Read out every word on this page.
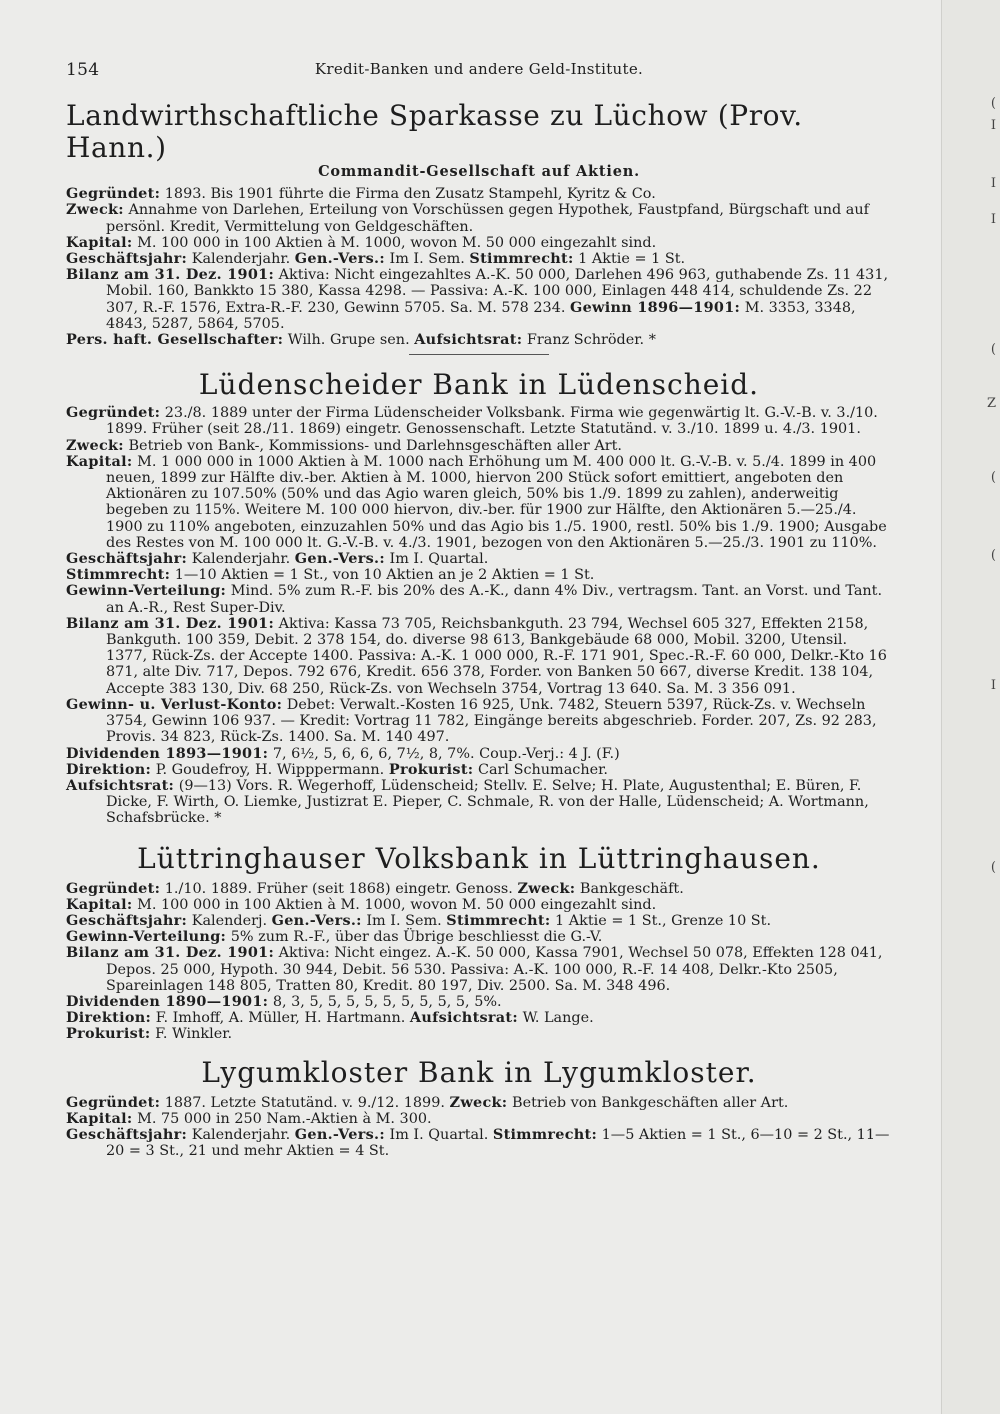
(
I
I
I
(
Z
(
(
I
(
154	Kredit-Banken und andere Geld-Institute.
Landwirthschaftliche Sparkasse zu Lüchow (Prov. Hann.)
Commandit-Gesellschaft auf Aktien.

Gegründet: 1893. Bis 1901 führte die Firma den Zusatz Stampehl, Kyritz & Co.

Zweck: Annahme von Darlehen, Erteilung von Vorschüssen gegen Hypothek, Faustpfand, Bürgschaft und auf persönl. Kredit, Vermittelung von Geldgeschäften.

Kapital: M. 100 000 in 100 Aktien à M. 1000, wovon M. 50 000 eingezahlt sind.

Geschäftsjahr: Kalenderjahr. Gen.-Vers.: Im I. Sem. Stimmrecht: 1 Aktie = 1 St.

Bilanz am 31. Dez. 1901: Aktiva: Nicht eingezahltes A.-K. 50 000, Darlehen 496 963, guthabende Zs. 11 431, Mobil. 160, Bankkto 15 380, Kassa 4298. — Passiva: A.-K. 100 000, Einlagen 448 414, schuldende Zs. 22 307, R.-F. 1576, Extra-R.-F. 230, Gewinn 5705. Sa. M. 578 234. Gewinn 1896—1901: M. 3353, 3348, 4843, 5287, 5864, 5705.

Pers. haft. Gesellschafter: Wilh. Grupe sen. Aufsichtsrat: Franz Schröder. *

Lüdenscheider Bank in Lüdenscheid.

Gegründet: 23./8. 1889 unter der Firma Lüdenscheider Volksbank. Firma wie gegenwärtig lt. G.-V.-B. v. 3./10. 1899. Früher (seit 28./11. 1869) eingetr. Genossenschaft. Letzte Statutänd. v. 3./10. 1899 u. 4./3. 1901.

Zweck: Betrieb von Bank-, Kommissions- und Darlehnsgeschäften aller Art.

Kapital: M. 1 000 000 in 1000 Aktien à M. 1000 nach Erhöhung um M. 400 000 lt. G.-V.-B. v. 5./4. 1899 in 400 neuen, 1899 zur Hälfte div.-ber. Aktien à M. 1000, hiervon 200 Stück sofort emittiert, angeboten den Aktionären zu 107.50% (50% und das Agio waren gleich, 50% bis 1./9. 1899 zu zahlen), anderweitig begeben zu 115%. Weitere M. 100 000 hiervon, div.-ber. für 1900 zur Hälfte, den Aktionären 5.—25./4. 1900 zu 110% angeboten, einzuzahlen 50% und das Agio bis 1./5. 1900, restl. 50% bis 1./9. 1900; Ausgabe des Restes von M. 100 000 lt. G.-V.-B. v. 4./3. 1901, bezogen von den Aktionären 5.—25./3. 1901 zu 110%.

Geschäftsjahr: Kalenderjahr. Gen.-Vers.: Im I. Quartal.

Stimmrecht: 1—10 Aktien = 1 St., von 10 Aktien an je 2 Aktien = 1 St.

Gewinn-Verteilung: Mind. 5% zum R.-F. bis 20% des A.-K., dann 4% Div., vertragsm. Tant. an Vorst. und Tant. an A.-R., Rest Super-Div.

Bilanz am 31. Dez. 1901: Aktiva: Kassa 73 705, Reichsbankguth. 23 794, Wechsel 605 327, Effekten 2158, Bankguth. 100 359, Debit. 2 378 154, do. diverse 98 613, Bankgebäude 68 000, Mobil. 3200, Utensil. 1377, Rück-Zs. der Accepte 1400. Passiva: A.-K. 1 000 000, R.-F. 171 901, Spec.-R.-F. 60 000, Delkr.-Kto 16 871, alte Div. 717, Depos. 792 676, Kredit. 656 378, Forder. von Banken 50 667, diverse Kredit. 138 104, Accepte 383 130, Div. 68 250, Rück-Zs. von Wechseln 3754, Vortrag 13 640. Sa. M. 3 356 091.

Gewinn- u. Verlust-Konto: Debet: Verwalt.-Kosten 16 925, Unk. 7482, Steuern 5397, Rück-Zs. v. Wechseln 3754, Gewinn 106 937. — Kredit: Vortrag 11 782, Eingänge bereits abgeschrieb. Forder. 207, Zs. 92 283, Provis. 34 823, Rück-Zs. 1400. Sa. M. 140 497.

Dividenden 1893—1901: 7, 6½, 5, 6, 6, 6, 7½, 8, 7%. Coup.-Verj.: 4 J. (F.)

Direktion: P. Goudefroy, H. Wipppermann. Prokurist: Carl Schumacher.

Aufsichtsrat: (9—13) Vors. R. Wegerhoff, Lüdenscheid; Stellv. E. Selve; H. Plate, Augustenthal; E. Büren, F. Dicke, F. Wirth, O. Liemke, Justizrat E. Pieper, C. Schmale, R. von der Halle, Lüdenscheid; A. Wortmann, Schafsbrücke. *

Lüttringhauser Volksbank in Lüttringhausen.

Gegründet: 1./10. 1889. Früher (seit 1868) eingetr. Genoss. Zweck: Bankgeschäft.

Kapital: M. 100 000 in 100 Aktien à M. 1000, wovon M. 50 000 eingezahlt sind.

Geschäftsjahr: Kalenderj. Gen.-Vers.: Im I. Sem. Stimmrecht: 1 Aktie = 1 St., Grenze 10 St.

Gewinn-Verteilung: 5% zum R.-F., über das Übrige beschliesst die G.-V.

Bilanz am 31. Dez. 1901: Aktiva: Nicht eingez. A.-K. 50 000, Kassa 7901, Wechsel 50 078, Effekten 128 041, Depos. 25 000, Hypoth. 30 944, Debit. 56 530. Passiva: A.-K. 100 000, R.-F. 14 408, Delkr.-Kto 2505, Spareinlagen 148 805, Tratten 80, Kredit. 80 197, Div. 2500. Sa. M. 348 496.

Dividenden 1890—1901: 8, 3, 5, 5, 5, 5, 5, 5, 5, 5, 5, 5%.

Direktion: F. Imhoff, A. Müller, H. Hartmann. Aufsichtsrat: W. Lange.

Prokurist: F. Winkler.

Lygumkloster Bank in Lygumkloster.

Gegründet: 1887. Letzte Statutänd. v. 9./12. 1899. Zweck: Betrieb von Bankgeschäften aller Art.

Kapital: M. 75 000 in 250 Nam.-Aktien à M. 300.

Geschäftsjahr: Kalenderjahr. Gen.-Vers.: Im I. Quartal. Stimmrecht: 1—5 Aktien = 1 St., 6—10 = 2 St., 11—20 = 3 St., 21 und mehr Aktien = 4 St.
